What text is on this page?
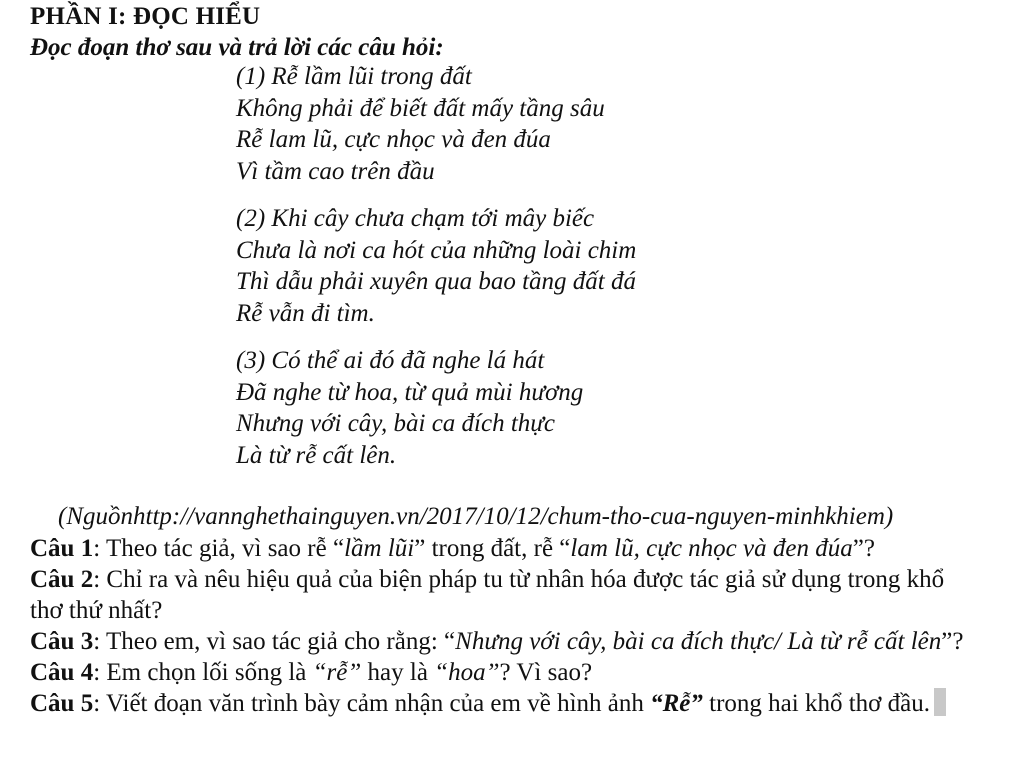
PHẦN I: ĐỌC HIỂU
Đọc đoạn thơ sau và trả lời các câu hỏi:
(1) Rễ lầm lũi trong đất
Không phải để biết đất mấy tầng sâu
Rễ lam lũ, cực nhọc và đen đúa
Vì tầm cao trên đầu
(2) Khi cây chưa chạm tới mây biếc
Chưa là nơi ca hót của những loài chim
Thì dẫu phải xuyên qua bao tầng đất đá
Rễ vẫn đi tìm.
(3) Có thể ai đó đã nghe lá hát
Đã nghe từ hoa, từ quả mùi hương
Nhưng với cây, bài ca đích thực
Là từ rễ cất lên.
(Nguồnhttp://vannghethainguyen.vn/2017/10/12/chum-tho-cua-nguyen-minhkhiem)
Câu 1: Theo tác giả, vì sao rễ “lầm lũi” trong đất, rễ “lam lũ, cực nhọc và đen đúa”?
Câu 2: Chỉ ra và nêu hiệu quả của biện pháp tu từ nhân hóa được tác giả sử dụng trong khổ thơ thứ nhất?
Câu 3: Theo em, vì sao tác giả cho rằng: “Nhưng với cây, bài ca đích thực/ Là từ rễ cất lên”?
Câu 4: Em chọn lối sống là “rễ” hay là “hoa”? Vì sao?
Câu 5: Viết đoạn văn trình bày cảm nhận của em về hình ảnh “Rễ” trong hai khổ thơ đầu.
